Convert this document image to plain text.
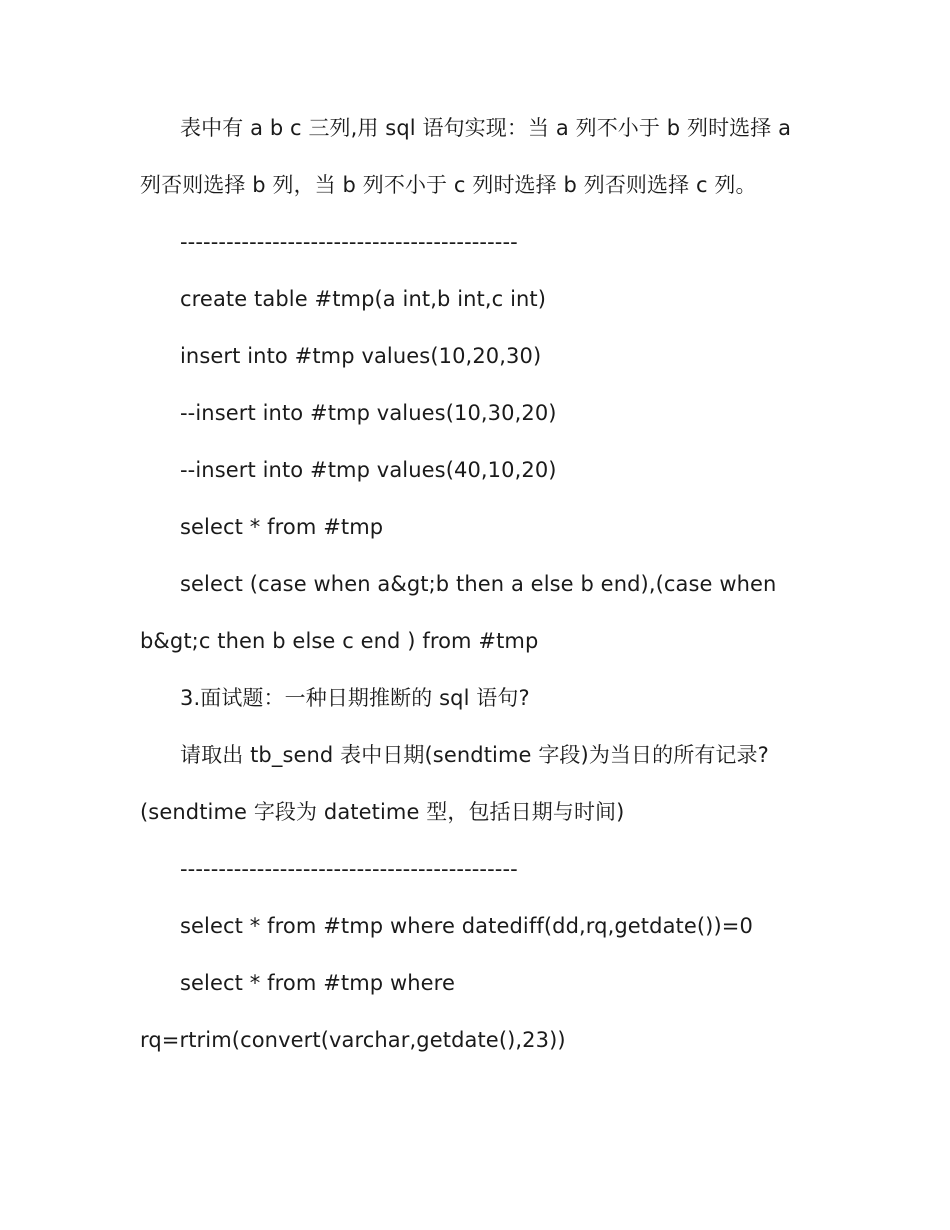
表中有 a b c 三列,用 sql 语句实现：当 a 列不小于 b 列时选择 a
列否则选择 b 列，当 b 列不小于 c 列时选择 b 列否则选择 c 列。
--------------------------------------------
create table #tmp(a int,b int,c int)
insert into #tmp values(10,20,30)
--insert into #tmp values(10,30,20)
--insert into #tmp values(40,10,20)
select * from #tmp
select (case when a&gt;b then a else b end),(case when
b&gt;c then b else c end ) from #tmp
3.面试题：一种日期推断的 sql 语句?
请取出 tb_send 表中日期(sendtime 字段)为当日的所有记录?
(sendtime 字段为 datetime 型，包括日期与时间)
--------------------------------------------
select * from #tmp where datediff(dd,rq,getdate())=0
select * from #tmp where
rq=rtrim(convert(varchar,getdate(),23))
